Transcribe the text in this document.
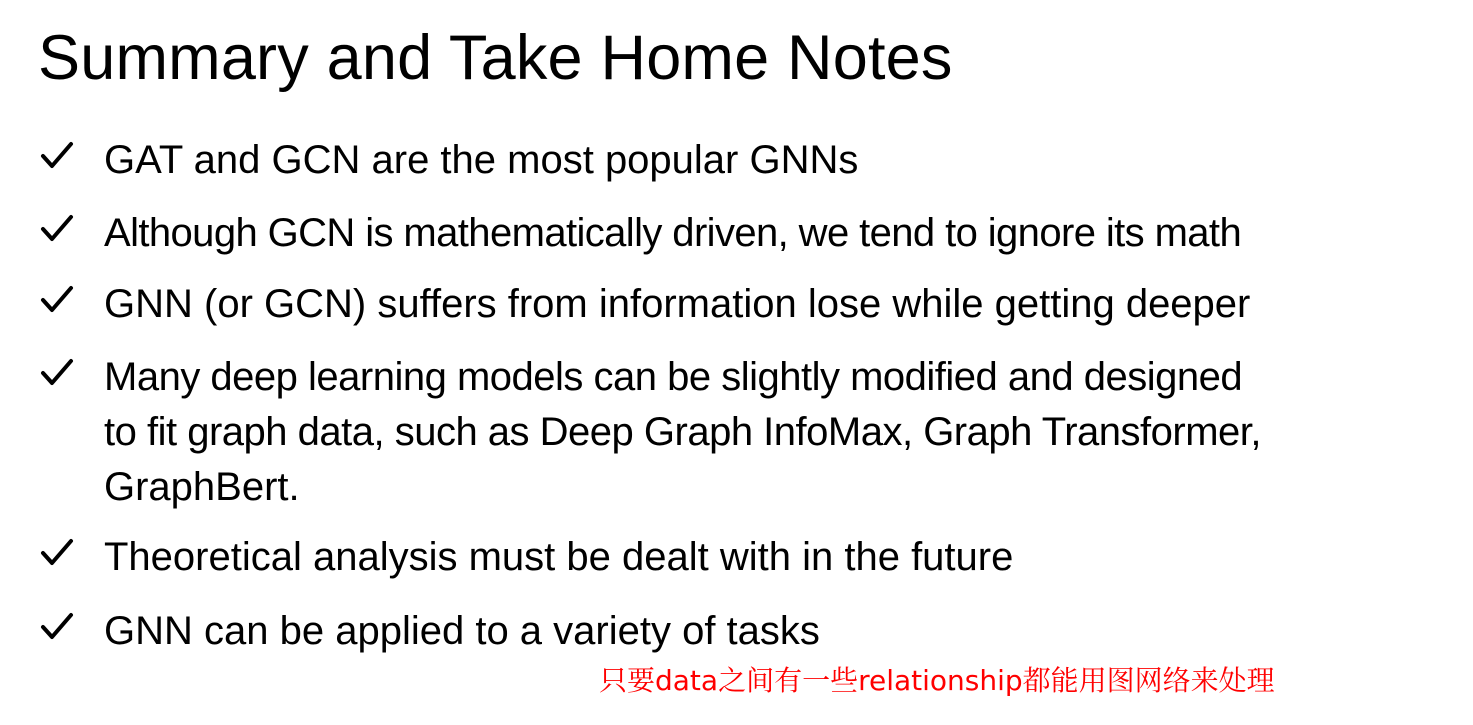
Summary and Take Home Notes
GAT and GCN are the most popular GNNs
Although GCN is mathematically driven, we tend to ignore its math
GNN (or GCN) suffers from information lose while getting deeper
Many deep learning models can be slightly modified and designed
to fit graph data, such as Deep Graph InfoMax, Graph Transformer,
GraphBert.
Theoretical analysis must be dealt with in the future
GNN can be applied to a variety of tasks
只要data之间有一些relationship都能用图网络来处理
